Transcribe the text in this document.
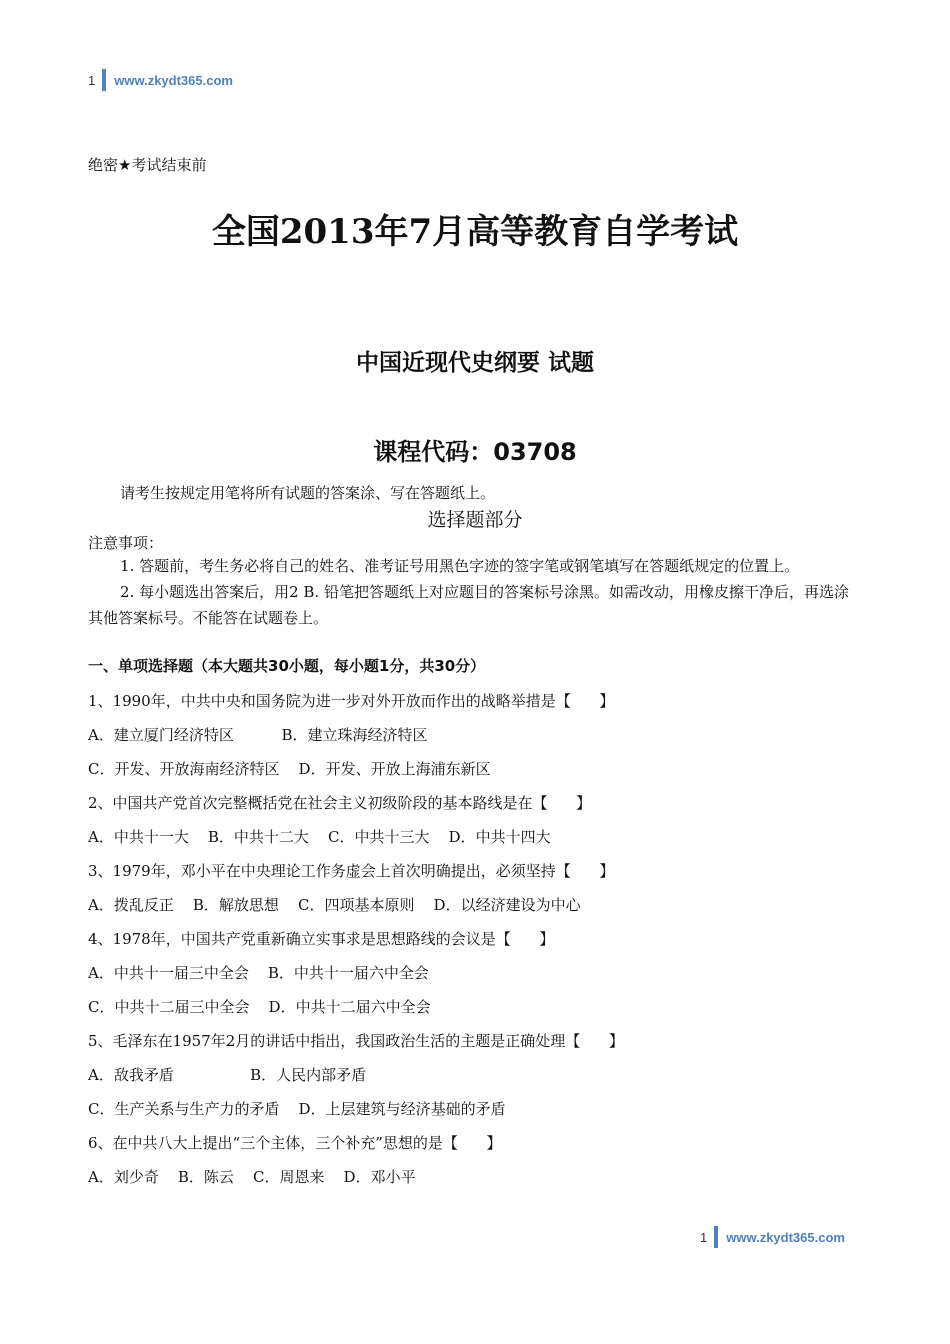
1 www.zkydt365.com
绝密★考试结束前
全国2013年7月高等教育自学考试
中国近现代史纲要 试题
课程代码：03708
请考生按规定用笔将所有试题的答案涂、写在答题纸上。
选择题部分
注意事项：
1. 答题前，考生务必将自己的姓名、准考证号用黑色字迹的签字笔或钢笔填写在答题纸规定的位置上。
2. 每小题选出答案后，用2 B. 铅笔把答题纸上对应题目的答案标号涂黑。如需改动，用橡皮擦干净后，再选涂其他答案标号。不能答在试题卷上。
一、单项选择题（本大题共30小题，每小题1分，共30分）
1、1990年，中共中央和国务院为进一步对外开放而作出的战略举措是【      】
A．建立厦门经济特区          B．建立珠海经济特区
C．开发、开放海南经济特区    D．开发、开放上海浦东新区
2、中国共产党首次完整概括党在社会主义初级阶段的基本路线是在【      】
A．中共十一大    B．中共十二大    C．中共十三大    D．中共十四大
3、1979年，邓小平在中央理论工作务虚会上首次明确提出，必须坚持【      】
A．拨乱反正    B．解放思想    C．四项基本原则    D．以经济建设为中心
4、1978年，中国共产党重新确立实事求是思想路线的会议是【      】
A．中共十一届三中全会    B．中共十一届六中全会
C．中共十二届三中全会    D．中共十二届六中全会
5、毛泽东在1957年2月的讲话中指出，我国政治生活的主题是正确处理【      】
A．敌我矛盾                B．人民内部矛盾
C．生产关系与生产力的矛盾    D．上层建筑与经济基础的矛盾
6、在中共八大上提出“三个主体，三个补充”思想的是【      】
A．刘少奇    B．陈云    C．周恩来    D．邓小平
1 www.zkydt365.com
